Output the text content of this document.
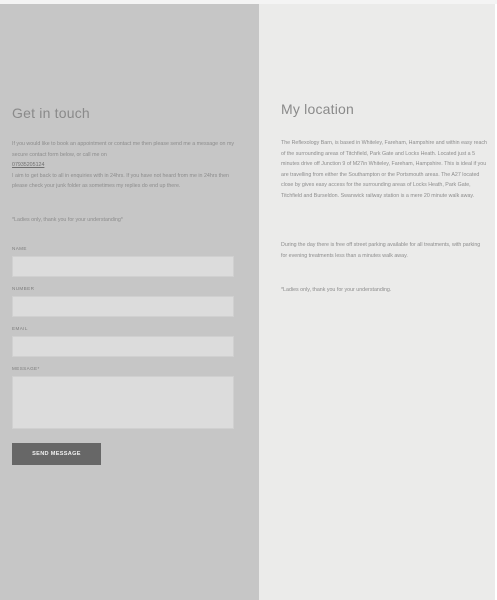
Get in touch
If you would like to book an appointment or contact me then please send me a message on my secure contact form below, or call me on
07935205124
I aim to get back to all in enquiries with in 24hrs. If you have not heard from me in 24hrs then please check your junk folder as sometimes my replies do end up there.
*Ladies only, thank you for your understanding*
NAME
NUMBER
EMAIL
MESSAGE*
SEND MESSAGE
My location
The Reflexology Barn, is based in Whiteley, Fareham, Hampshire and within easy reach of the surrounding areas of Titchfield, Park Gate and Locks Heath. Located just a 5 minutes drive off Junction 9 of M27in Whiteley, Fareham, Hampshire. This is ideal if you are travelling from either the Southampton or the Portsmouth areas. The A27 located close by gives easy access for the surrounding areas of Locks Heath, Park Gate, Titchfield and Burseldon. Swanwick railway station is a mere 20 minute walk away.
During the day there is free off street parking available for all treatments, with parking for evening treatments less than a minutes walk away.
*Ladies only, thank you for your understanding.
